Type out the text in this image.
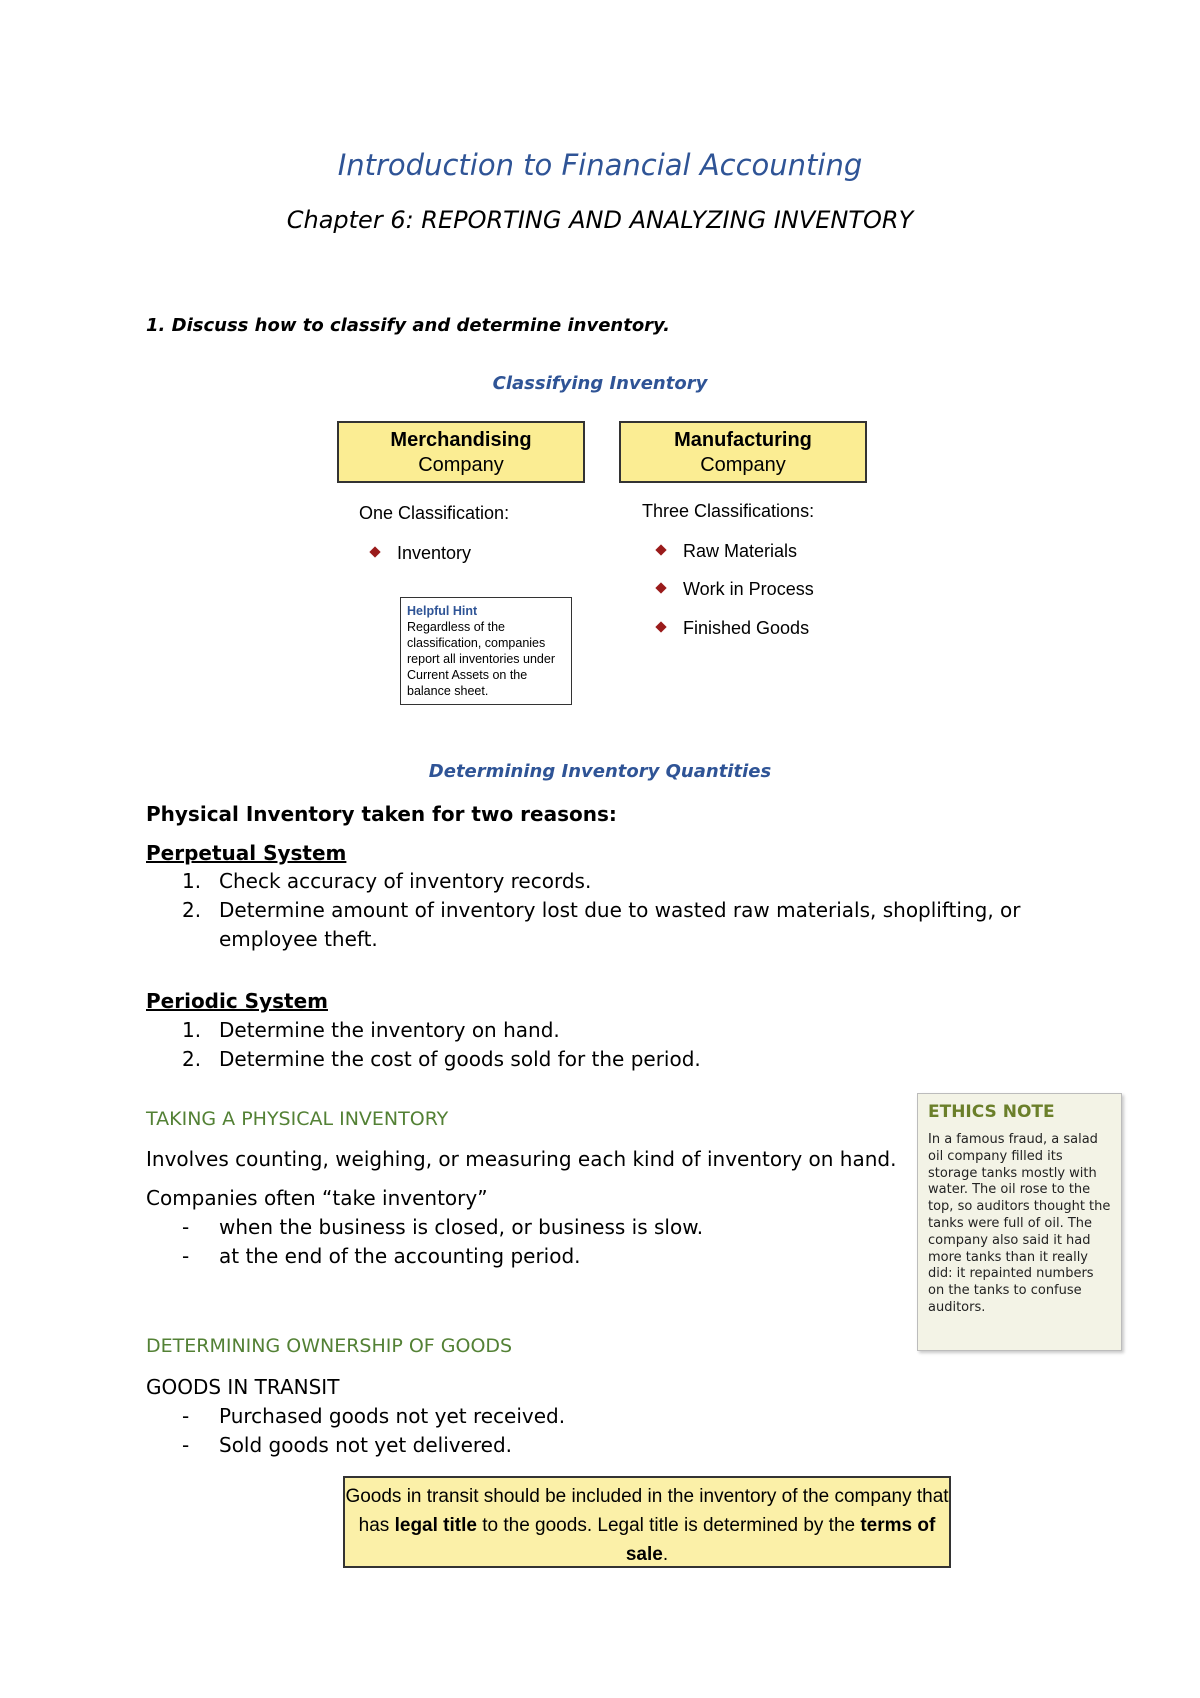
Introduction to Financial Accounting
Chapter 6: REPORTING AND ANALYZING INVENTORY
1. Discuss how to classify and determine inventory.
Classifying Inventory
Merchandising
Company
Manufacturing
Company
One Classification:
Inventory
Three Classifications:
Raw Materials
Work in Process
Finished Goods
Helpful Hint
Regardless of the classification, companies report all inventories under Current Assets on the balance sheet.
Determining Inventory Quantities
Physical Inventory taken for two reasons:
Perpetual System
1. Check accuracy of inventory records.
2. Determine amount of inventory lost due to wasted raw materials, shoplifting, or employee theft.
Periodic System
1. Determine the inventory on hand.
2. Determine the cost of goods sold for the period.
TAKING A PHYSICAL INVENTORY
Involves counting, weighing, or measuring each kind of inventory on hand.
Companies often “take inventory”
- when the business is closed, or business is slow.
- at the end of the accounting period.
ETHICS NOTE
In a famous fraud, a salad oil company filled its storage tanks mostly with water. The oil rose to the top, so auditors thought the tanks were full of oil. The company also said it had more tanks than it really did: it repainted numbers on the tanks to confuse auditors.
DETERMINING OWNERSHIP OF GOODS
GOODS IN TRANSIT
- Purchased goods not yet received.
- Sold goods not yet delivered.
Goods in transit should be included in the inventory of the company that has legal title to the goods. Legal title is determined by the terms of sale.
